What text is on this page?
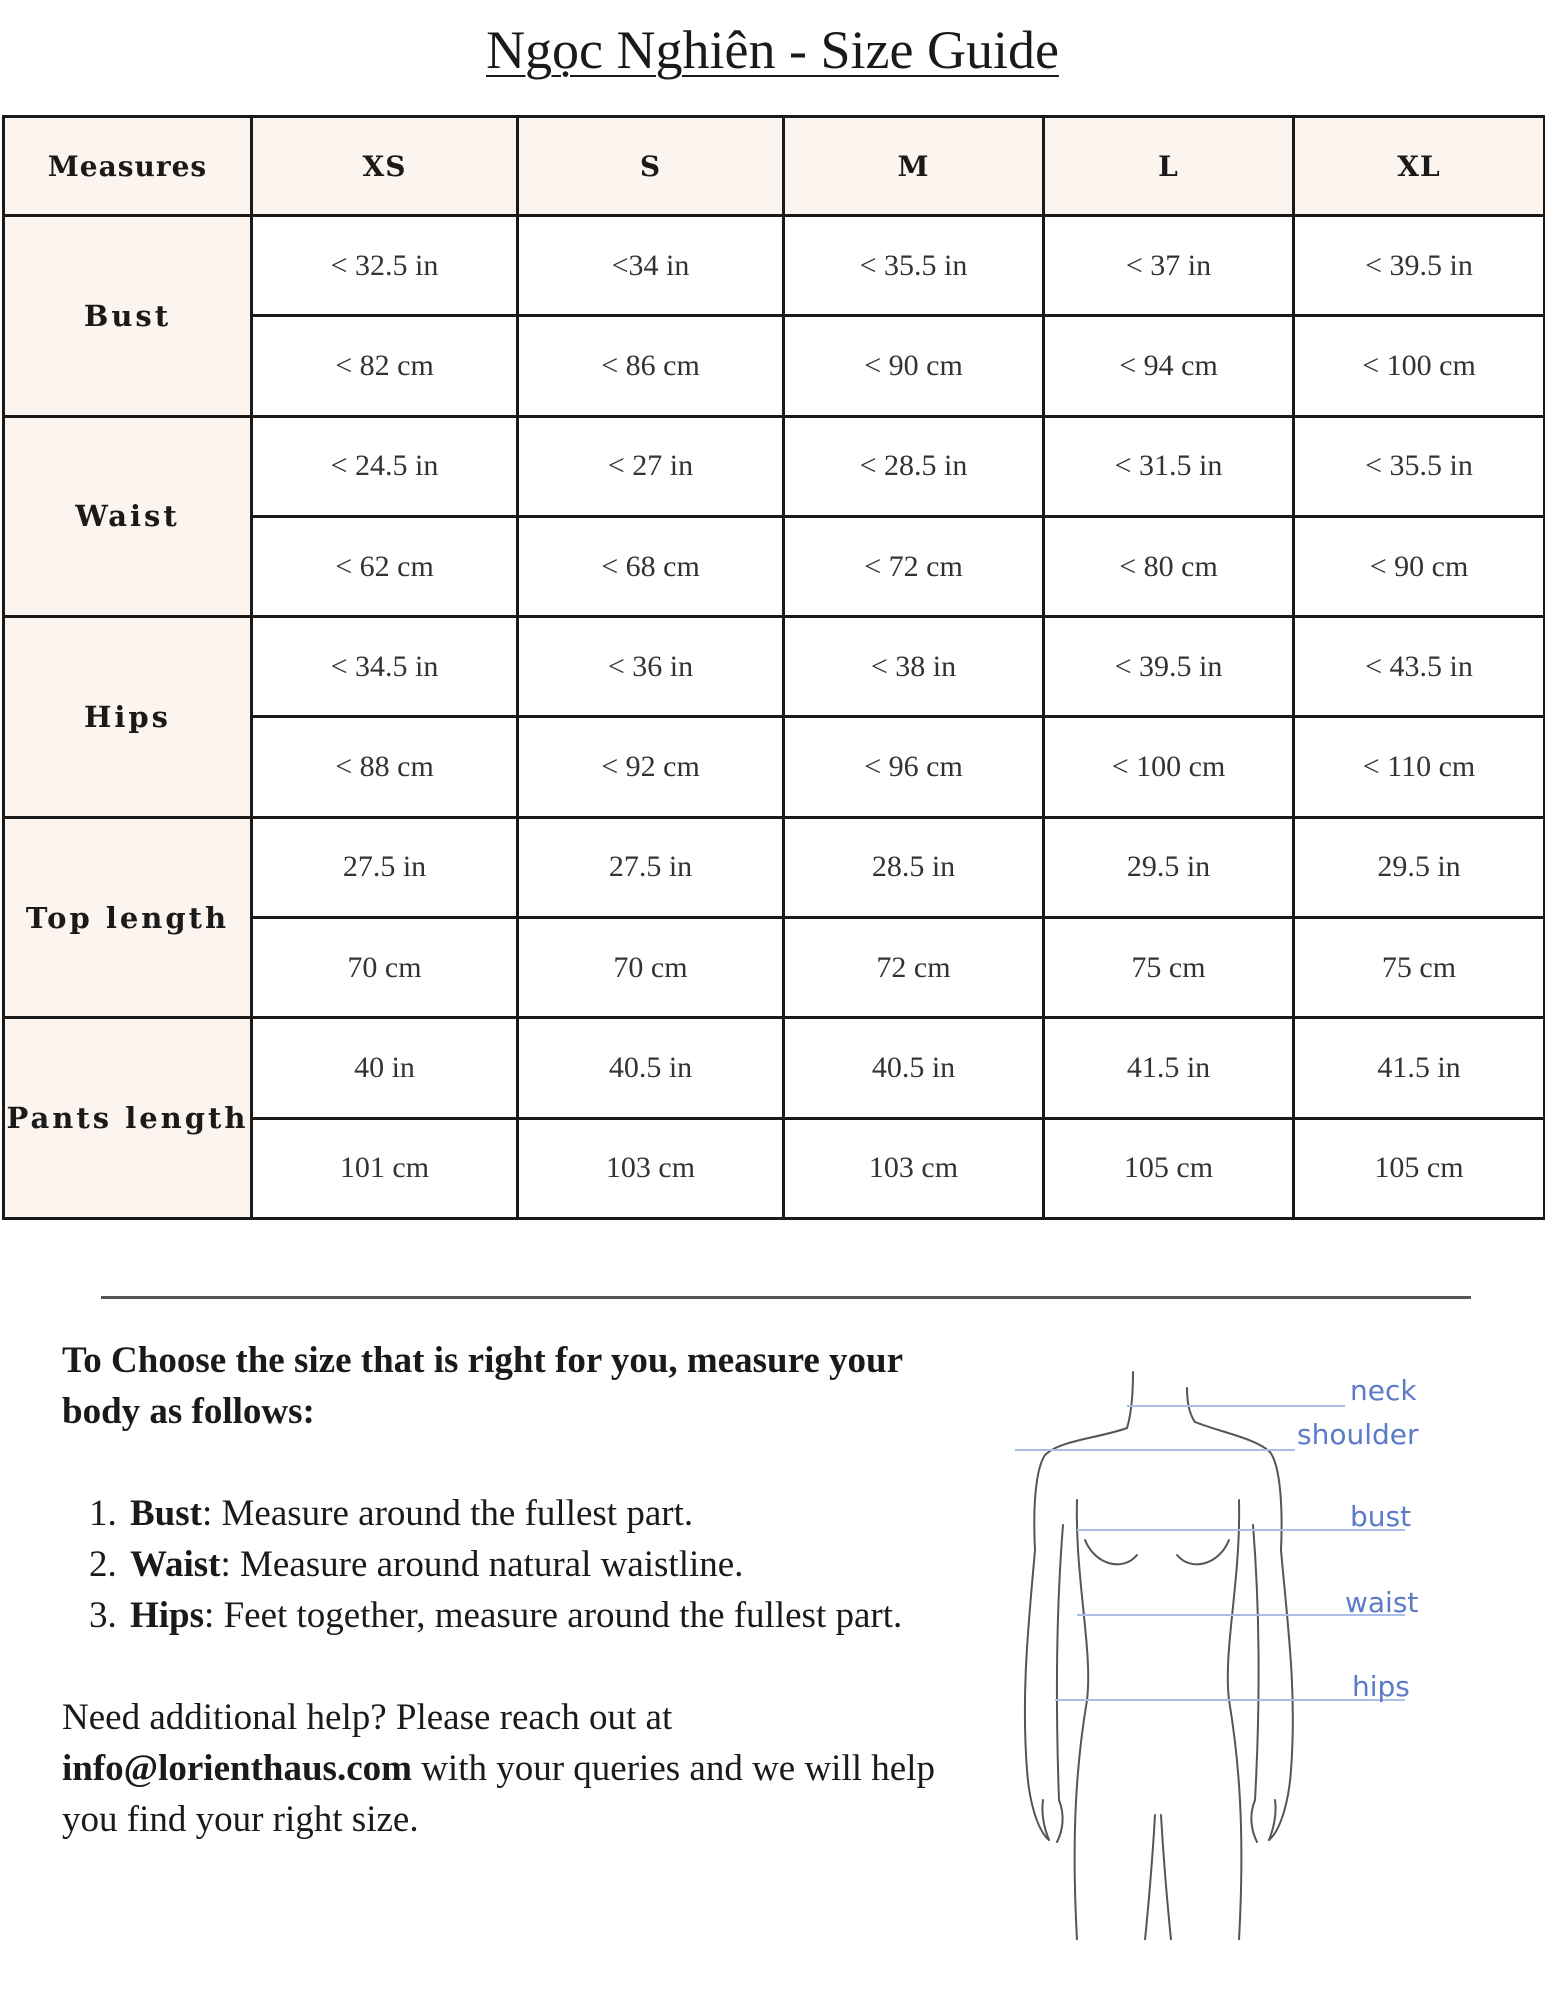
Ngọc Nghiên - Size Guide
Measures	XS	S	M	L	XL
Bust	< 32.5 in	<34 in	< 35.5 in	< 37 in	< 39.5 in
	< 82 cm	< 86 cm	< 90 cm	< 94 cm	< 100 cm
Waist	< 24.5 in	< 27 in	< 28.5 in	< 31.5 in	< 35.5 in
	< 62 cm	< 68 cm	< 72 cm	< 80 cm	< 90 cm
Hips	< 34.5 in	< 36 in	< 38 in	< 39.5 in	< 43.5 in
	< 88 cm	< 92 cm	< 96 cm	< 100 cm	< 110 cm
Top length	27.5 in	27.5 in	28.5 in	29.5 in	29.5 in
	70 cm	70 cm	72 cm	75 cm	75 cm
Pants length	40 in	40.5 in	40.5 in	41.5 in	41.5 in
	101 cm	103 cm	103 cm	105 cm	105 cm

To Choose the size that is right for you, measure your body as follows:

1. Bust: Measure around the fullest part.
2. Waist: Measure around natural waistline.
3. Hips: Feet together, measure around the fullest part.

Need additional help? Please reach out at info@lorienthaus.com with your queries and we will help you find your right size.

neck
shoulder
bust
waist
hips
